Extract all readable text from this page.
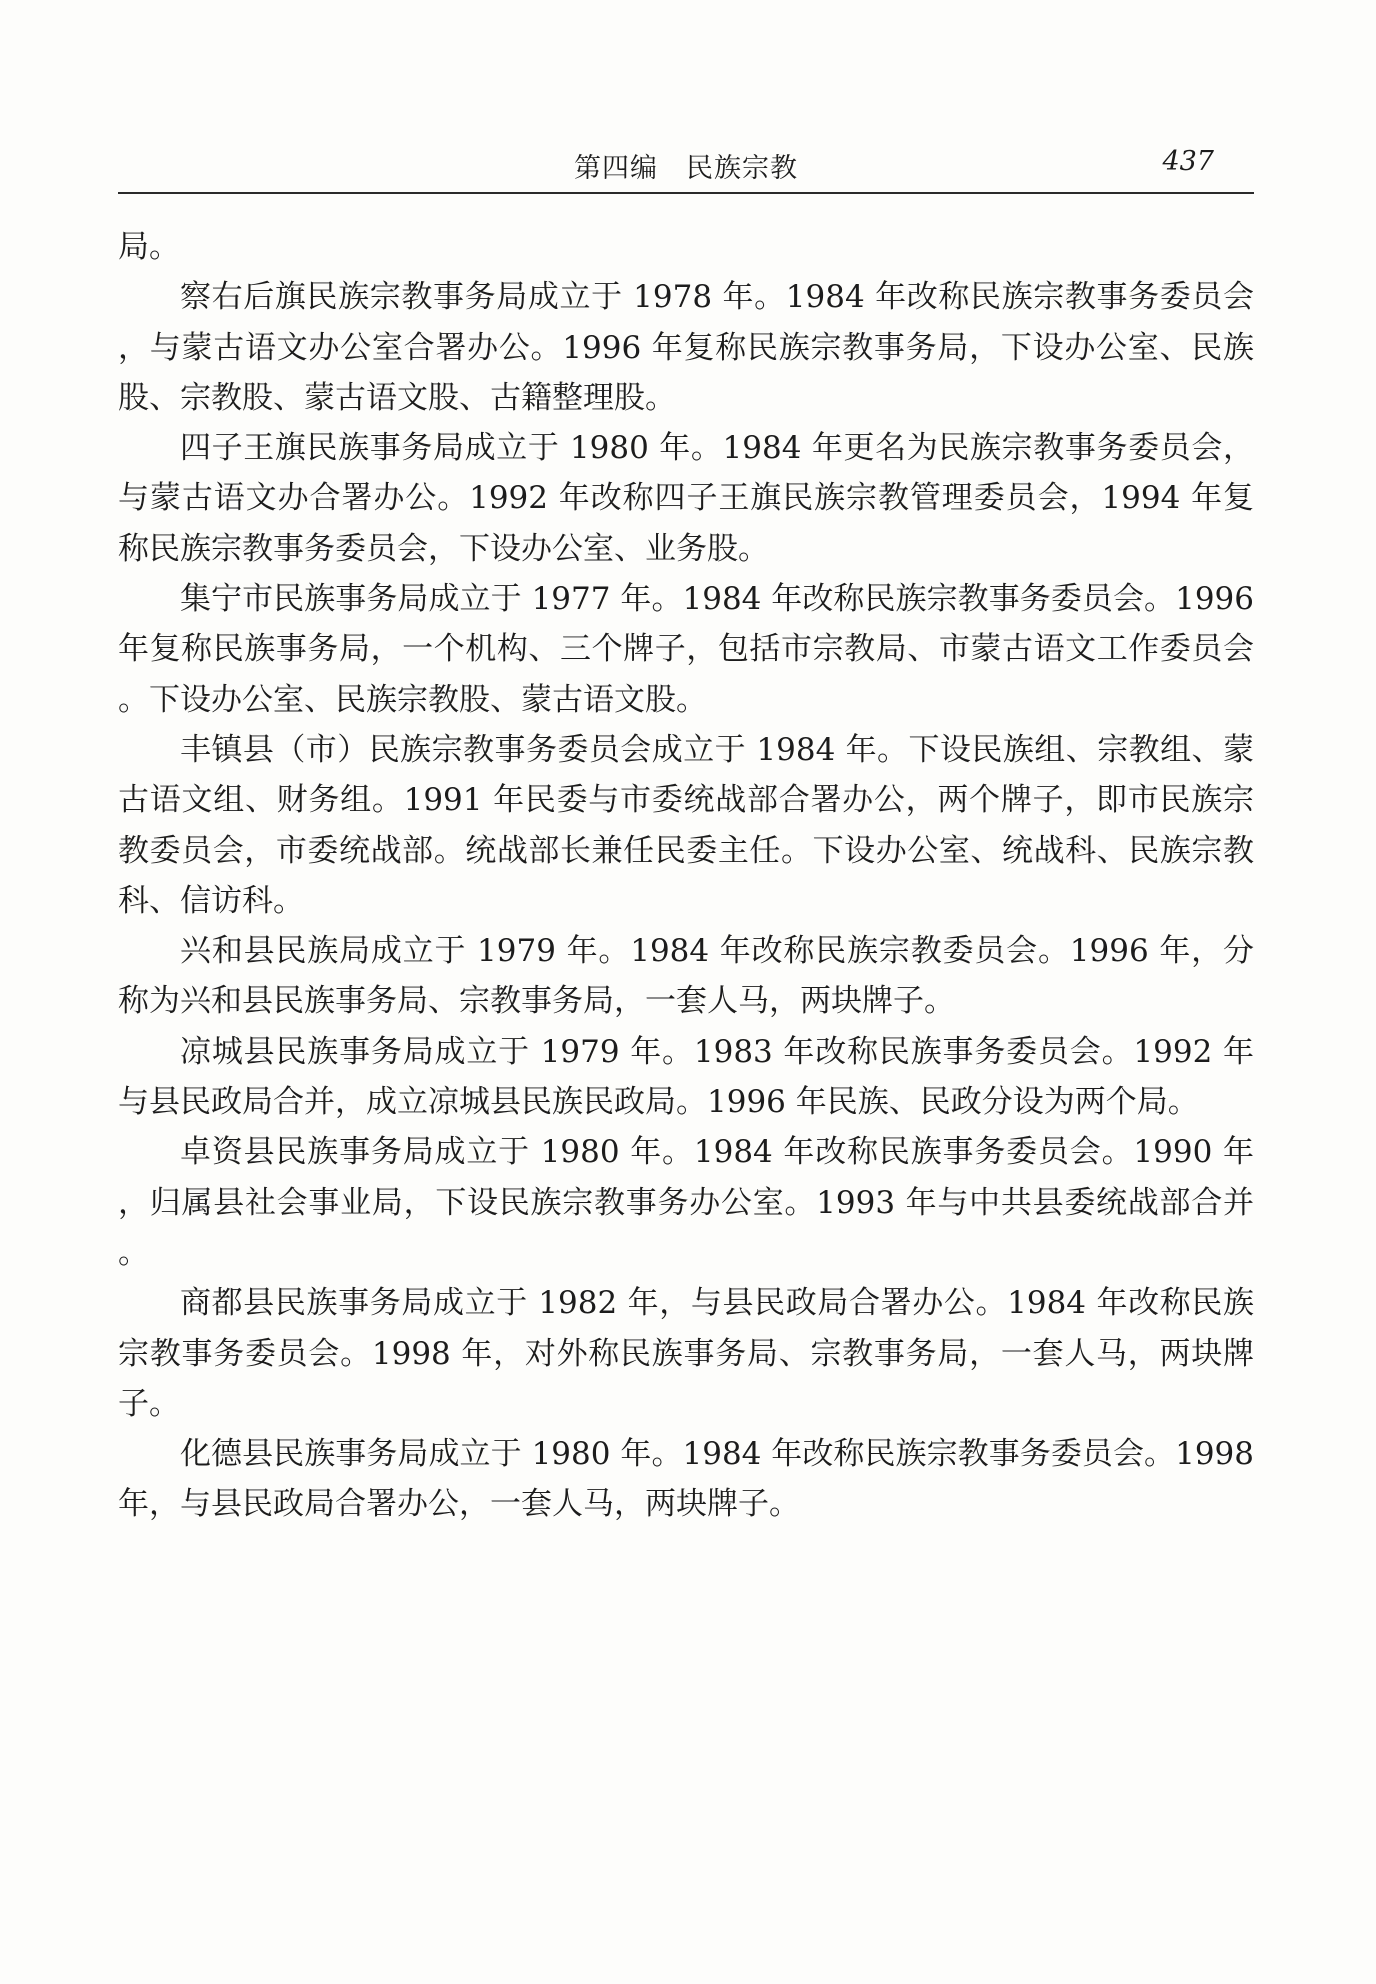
第四编 民族宗教	437

局。

察右后旗民族宗教事务局成立于 1978 年。1984 年改称民族宗教事务委员会，与蒙古语文办公室合署办公。1996 年复称民族宗教事务局，下设办公室、民族股、宗教股、蒙古语文股、古籍整理股。

四子王旗民族事务局成立于 1980 年。1984 年更名为民族宗教事务委员会，与蒙古语文办合署办公。1992 年改称四子王旗民族宗教管理委员会，1994 年复称民族宗教事务委员会，下设办公室、业务股。

集宁市民族事务局成立于 1977 年。1984 年改称民族宗教事务委员会。1996 年复称民族事务局，一个机构、三个牌子，包括市宗教局、市蒙古语文工作委员会。下设办公室、民族宗教股、蒙古语文股。

丰镇县（市）民族宗教事务委员会成立于 1984 年。下设民族组、宗教组、蒙古语文组、财务组。1991 年民委与市委统战部合署办公，两个牌子，即市民族宗教委员会，市委统战部。统战部长兼任民委主任。下设办公室、统战科、民族宗教科、信访科。

兴和县民族局成立于 1979 年。1984 年改称民族宗教委员会。1996 年，分称为兴和县民族事务局、宗教事务局，一套人马，两块牌子。

凉城县民族事务局成立于 1979 年。1983 年改称民族事务委员会。1992 年与县民政局合并，成立凉城县民族民政局。1996 年民族、民政分设为两个局。

卓资县民族事务局成立于 1980 年。1984 年改称民族事务委员会。1990 年，归属县社会事业局，下设民族宗教事务办公室。1993 年与中共县委统战部合并。

商都县民族事务局成立于 1982 年，与县民政局合署办公。1984 年改称民族宗教事务委员会。1998 年，对外称民族事务局、宗教事务局，一套人马，两块牌子。

化德县民族事务局成立于 1980 年。1984 年改称民族宗教事务委员会。1998 年，与县民政局合署办公，一套人马，两块牌子。
